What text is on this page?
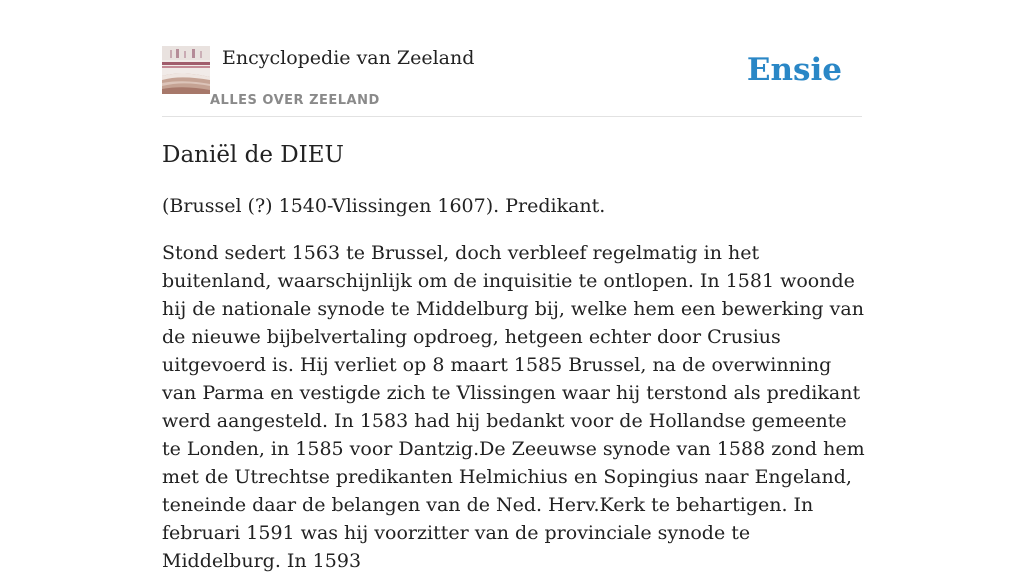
Encyclopedie van Zeeland
ALLES OVER ZEELAND
Ensie
Daniël de DIEU

(Brussel (?) 1540-Vlissingen 1607). Predikant.

Stond sedert 1563 te Brussel, doch verbleef regelmatig in het buitenland, waarschijnlijk om de inquisitie te ontlopen. In 1581 woonde hij de nationale synode te Middelburg bij, welke hem een bewerking van de nieuwe bijbelvertaling opdroeg, hetgeen echter door Crusius uitgevoerd is. Hij verliet op 8 maart 1585 Brussel, na de overwinning van Parma en vestigde zich te Vlissingen waar hij terstond als predikant werd aangesteld. In 1583 had hij bedankt voor de Hollandse gemeente te Londen, in 1585 voor Dantzig.De Zeeuwse synode van 1588 zond hem met de Utrechtse predikanten Helmichius en Sopingius naar Engeland, teneinde daar de belangen van de Ned. Herv.Kerk te behartigen. In februari 1591 was hij voorzitter van de provinciale synode te Middelburg. In 1593
